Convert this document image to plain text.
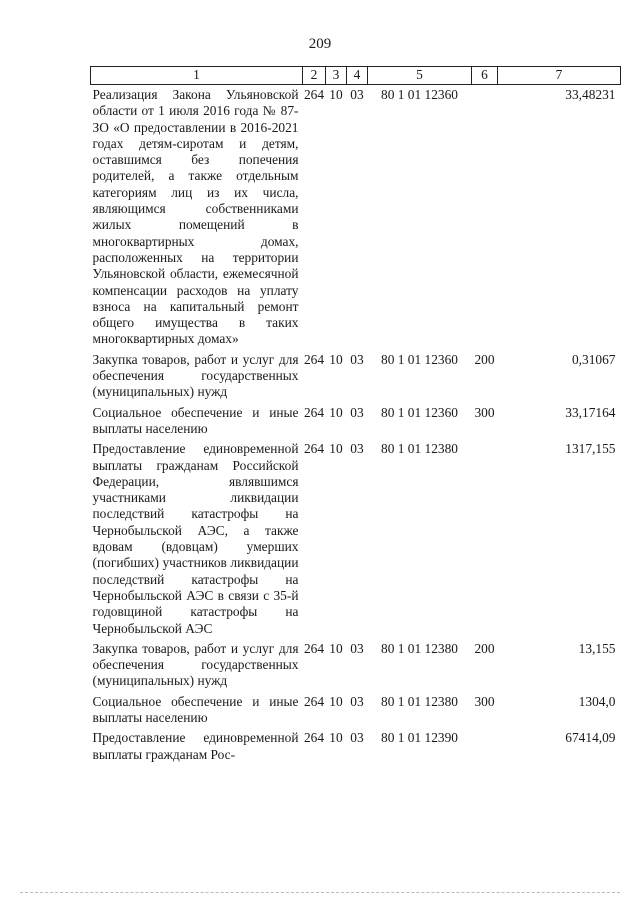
209
1	2	3	4	5	6	7
Реализация Закона Ульяновской области от 1 июля 2016 года № 87-ЗО «О предоставлении в 2016-2021 годах детям-сиротам и детям, оставшимся без попечения родителей, а также отдельным категориям лиц из их числа, являющимся собственниками жилых помещений в многоквартирных домах, расположенных на территории Ульяновской области, ежемесячной компенсации расходов на уплату взноса на капитальный ремонт общего имущества в таких многоквартирных домах»	264	10	03	80 1 01 12360		33,48231
Закупка товаров, работ и услуг для обеспечения государственных (муниципальных) нужд	264	10	03	80 1 01 12360	200	0,31067
Социальное обеспечение и иные выплаты населению	264	10	03	80 1 01 12360	300	33,17164
Предоставление единовременной выплаты гражданам Российской Федерации, являвшимся участниками ликвидации последствий катастрофы на Чернобыльской АЭС, а также вдовам (вдовцам) умерших (погибших) участников ликвидации последствий катастрофы на Чернобыльской АЭС в связи с 35-й годовщиной катастрофы на Чернобыльской АЭС	264	10	03	80 1 01 12380		1317,155
Закупка товаров, работ и услуг для обеспечения государственных (муниципальных) нужд	264	10	03	80 1 01 12380	200	13,155
Социальное обеспечение и иные выплаты населению	264	10	03	80 1 01 12380	300	1304,0
Предоставление единовременной выплаты гражданам Рос-	264	10	03	80 1 01 12390		67414,09
